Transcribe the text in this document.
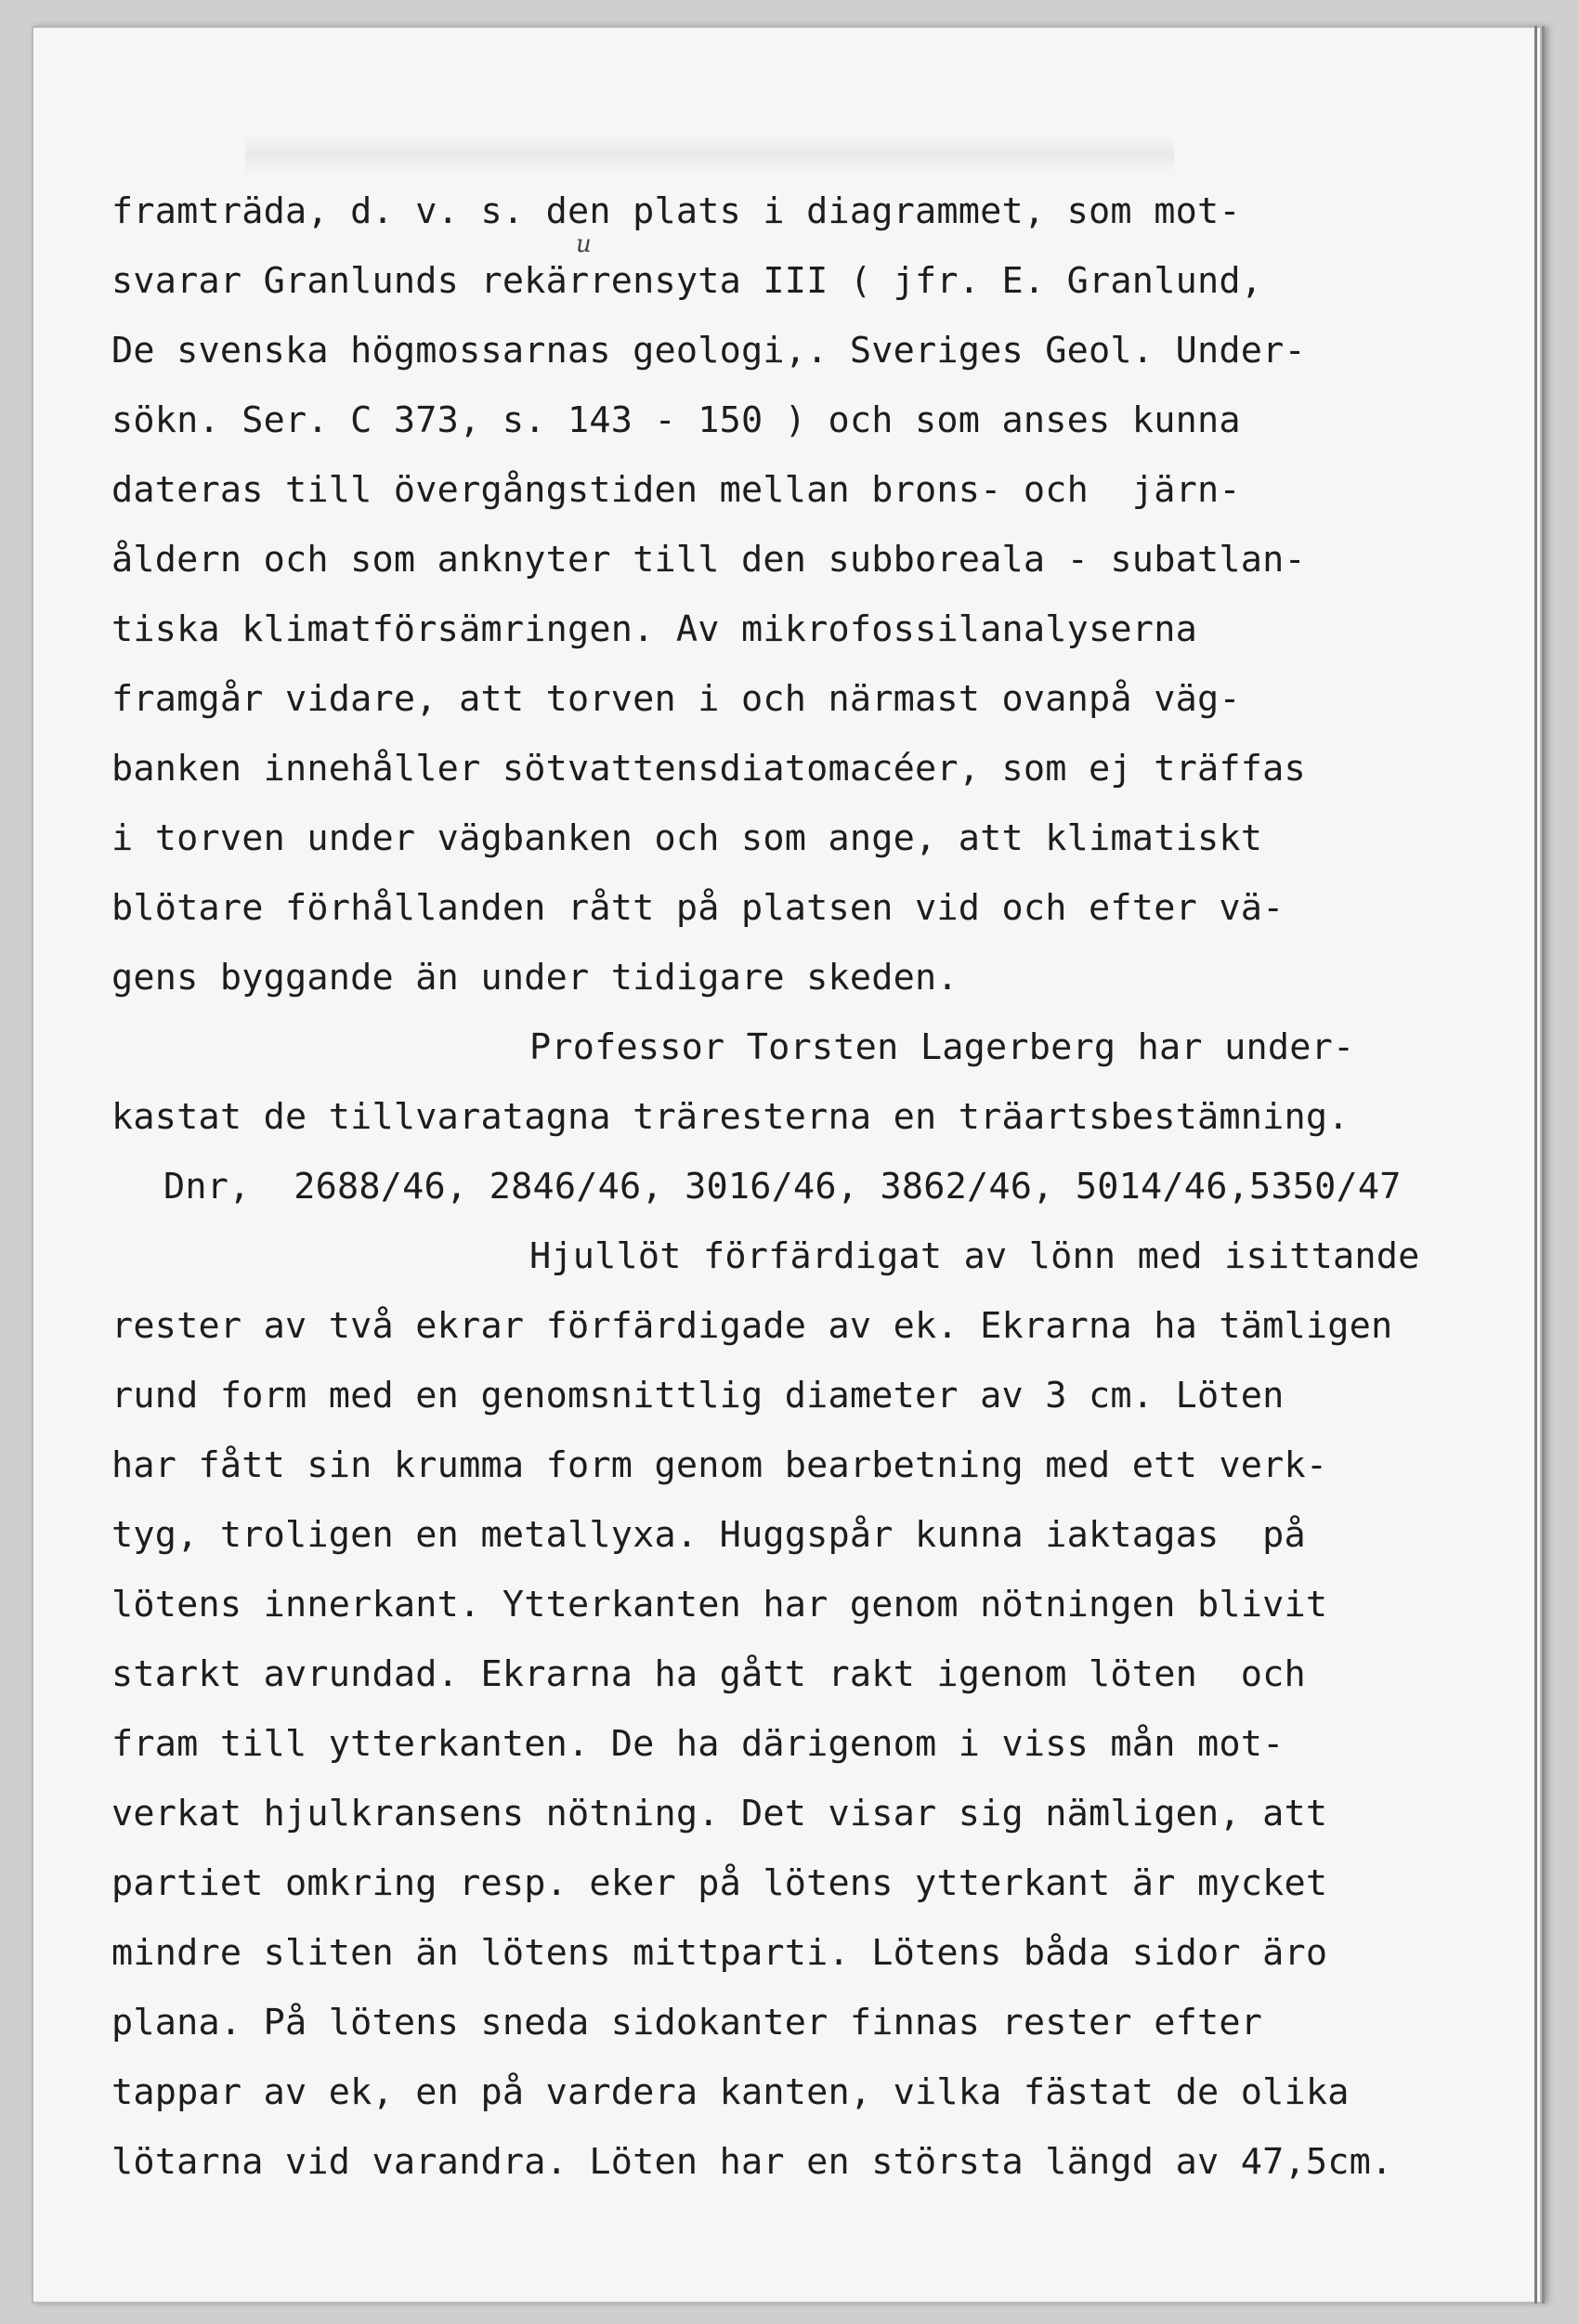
u
framträda, d. v. s. den plats i diagrammet, som mot-
svarar Granlunds rekärrensyta III ( jfr. E. Granlund,
De svenska högmossarnas geologi,. Sveriges Geol. Under-
sökn. Ser. C 373, s. 143 - 150 ) och som anses kunna
dateras till övergångstiden mellan brons- och  järn-
åldern och som anknyter till den subboreala - subatlan-
tiska klimatförsämringen. Av mikrofossilanalyserna
framgår vidare, att torven i och närmast ovanpå väg-
banken innehåller sötvattensdiatomacéer, som ej träffas
i torven under vägbanken och som ange, att klimatiskt
blötare förhållanden rått på platsen vid och efter vä-
gens byggande än under tidigare skeden.
Professor Torsten Lagerberg har under-
kastat de tillvaratagna träresterna en träartsbestämning.
Dnr,  2688/46, 2846/46, 3016/46, 3862/46, 5014/46,5350/47
Hjullöt förfärdigat av lönn med isittande
rester av två ekrar förfärdigade av ek. Ekrarna ha tämligen
rund form med en genomsnittlig diameter av 3 cm. Löten
har fått sin krumma form genom bearbetning med ett verk-
tyg, troligen en metallyxa. Huggspår kunna iaktagas  på
lötens innerkant. Ytterkanten har genom nötningen blivit
starkt avrundad. Ekrarna ha gått rakt igenom löten  och
fram till ytterkanten. De ha därigenom i viss mån mot-
verkat hjulkransens nötning. Det visar sig nämligen, att
partiet omkring resp. eker på lötens ytterkant är mycket
mindre sliten än lötens mittparti. Lötens båda sidor äro
plana. På lötens sneda sidokanter finnas rester efter
tappar av ek, en på vardera kanten, vilka fästat de olika
lötarna vid varandra. Löten har en största längd av 47,5cm.
